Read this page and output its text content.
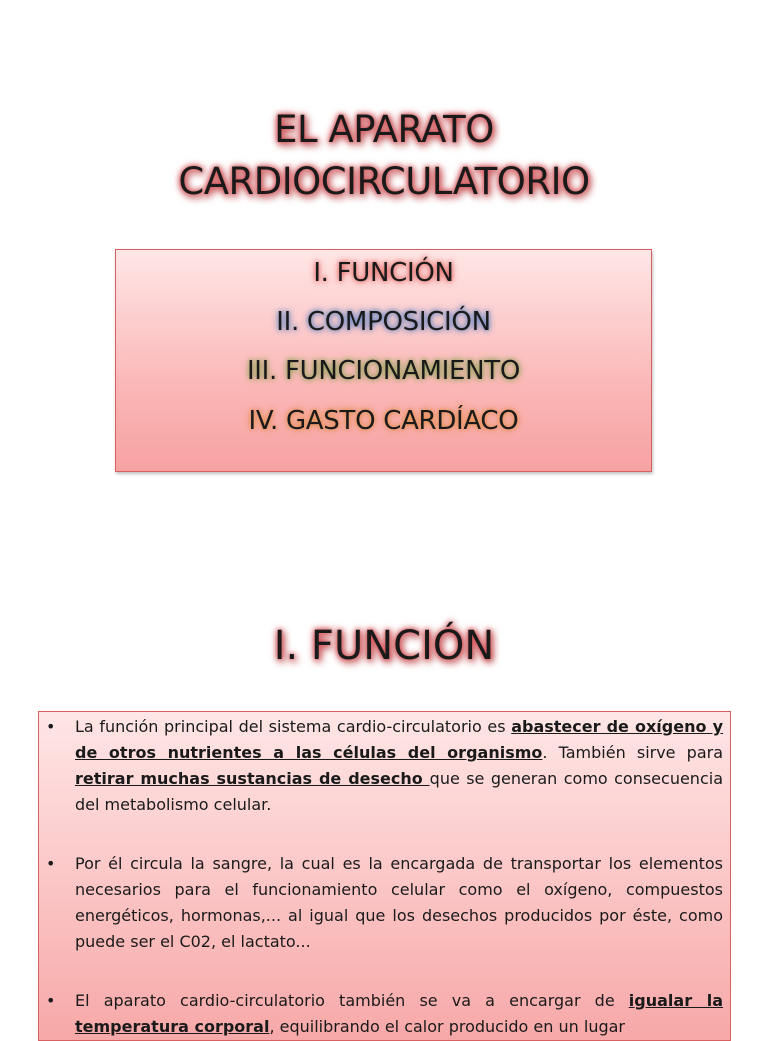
EL APARATO
CARDIOCIRCULATORIO
I. FUNCIÓN
II. COMPOSICIÓN
III. FUNCIONAMIENTO
IV. GASTO CARDÍACO
I. FUNCIÓN
• La función principal del sistema cardio-circulatorio es abastecer de oxígeno y de otros nutrientes a las células del organismo. También sirve para retirar muchas sustancias de desecho que se generan como consecuencia del metabolismo celular.
• Por él circula la sangre, la cual es la encargada de transportar los elementos necesarios para el funcionamiento celular como el oxígeno, compuestos energéticos, hormonas,... al igual que los desechos producidos por éste, como puede ser el C02, el lactato...
• El aparato cardio-circulatorio también se va a encargar de igualar la temperatura corporal, equilibrando el calor producido en un lugar
